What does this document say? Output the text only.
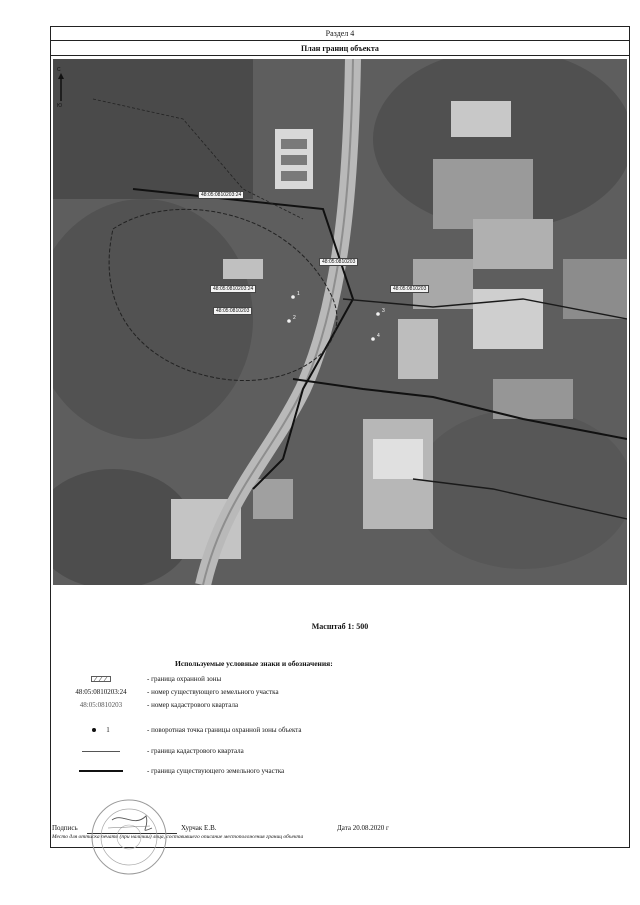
Раздел 4
План границ объекта
С
Ю
48:05:0810203:24
48:05:0810203:24
48:05:0810203
48:05:0810203
48:05:0810203
1
2
3
4
Масштаб 1: 500
Используемые условные знаки и обозначения:
- граница охранной зоны
48:05:0810203:24	- номер существующего земельного участка
48:05:0810203	- номер кадастрового квартала
1	- поворотная точка границы охранной зоны объекта
- граница кадастрового квартала
- граница существующего земельного участка
Подпись	Хурчак Е.В.	Дата 20.08.2020 г
Место для оттиска печати (при наличии) лица, составившего описание местоположения границ объекта
